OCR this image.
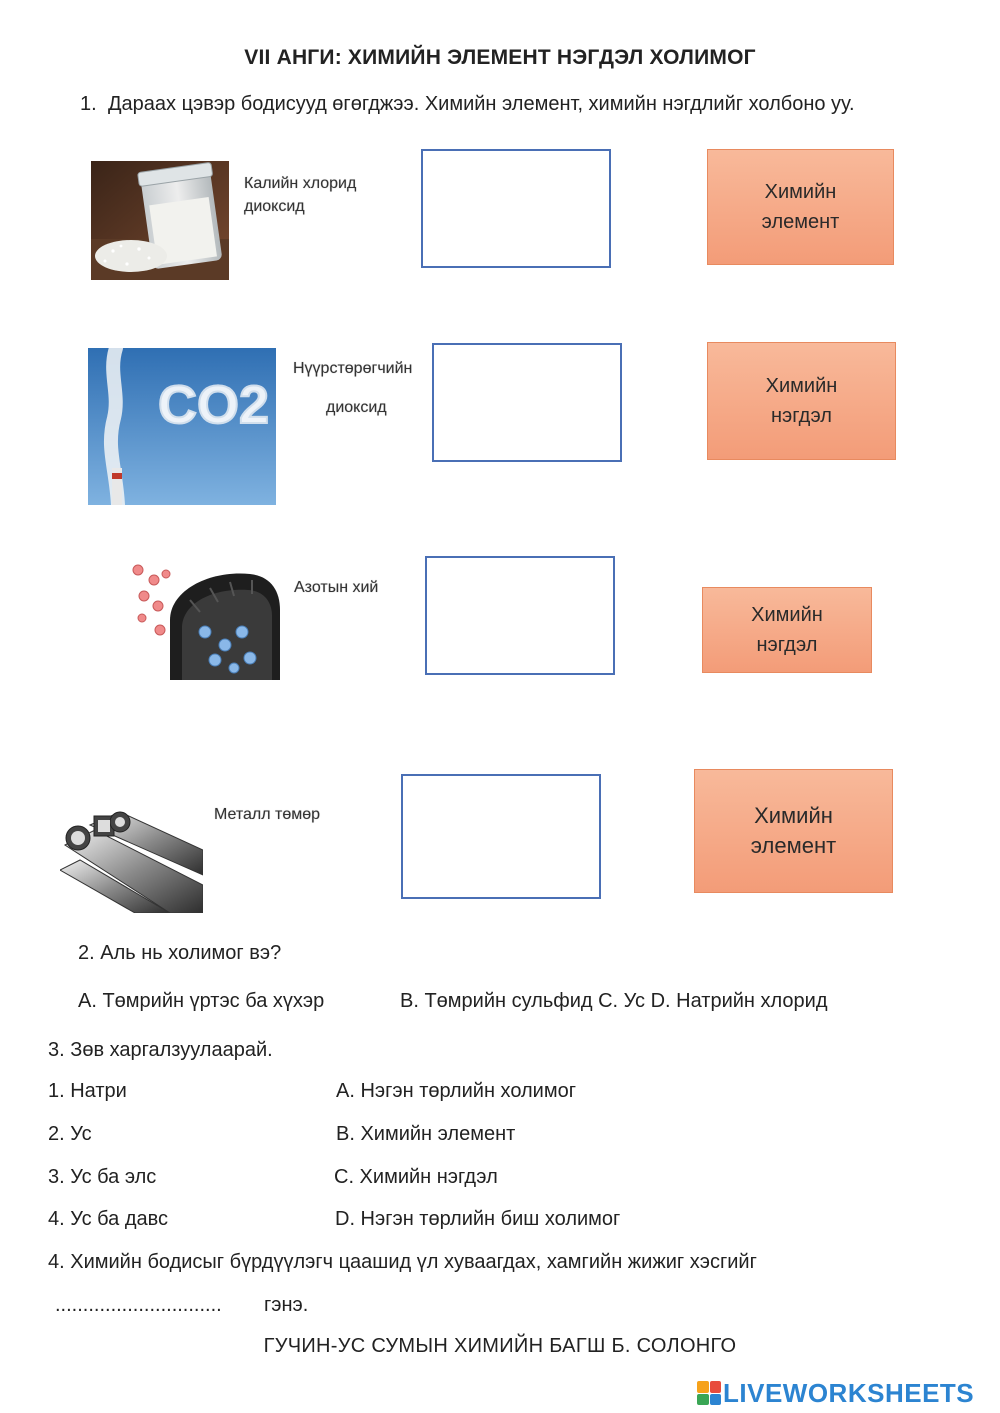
VII АНГИ: ХИМИЙН ЭЛЕМЕНТ НЭГДЭЛ ХОЛИМОГ
1. Дараах цэвэр бодисууд өгөгджээ. Химийн элемент, химийн нэгдлийг холбоно уу.
Калийн хлорид
диоксид
Химийн
элемент
CO2
Нүүрстөрөгчийн
диоксид
Химийн
нэгдэл
Азотын хий
Химийн
нэгдэл
Металл төмөр	Химийн
элемент
2. Аль нь холимог вэ?
A. Төмрийн үртэс ба хүхэр	B. Төмрийн сульфид C. Ус D. Натрийн хлорид
3. Зөв харгалзуулаарай.
1. Натри
2. Ус
3. Ус ба элс
4. Ус ба давс
A. Нэгэн төрлийн холимог
B. Химийн элемент
C. Химийн нэгдэл
D. Нэгэн төрлийн биш холимог
4. Химийн бодисыг бүрдүүлэгч цаашид үл хуваагдах, хамгийн жижиг хэсгийг
.............................. гэнэ.
ГУЧИН-УС СУМЫН ХИМИЙН БАГШ Б. СОЛОНГО
LIVEWORKSHEETS
